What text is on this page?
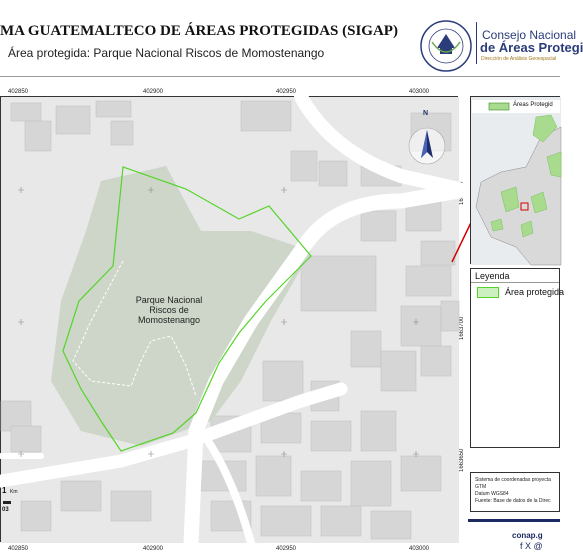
MA GUATEMALTECO DE ÁREAS PROTEGIDAS (SIGAP)
Área protegida: Parque Nacional Riscos de Momostenango
Consejo Nacional
de Áreas Protegi
Dirección de Análisis Geoespacial
402850	402900	402950	403000
402850	402900	402950	403000
1663750
1663700
1663650
N
Parque Nacional
Riscos de
Momostenango
1 Km
03
Áreas Protegid
Leyenda
Área protegida
Sistema de coordenadas proyecta
GTM
Datum WGS84
Fuente: Base de datos de la Direc
conap.g
f X @
